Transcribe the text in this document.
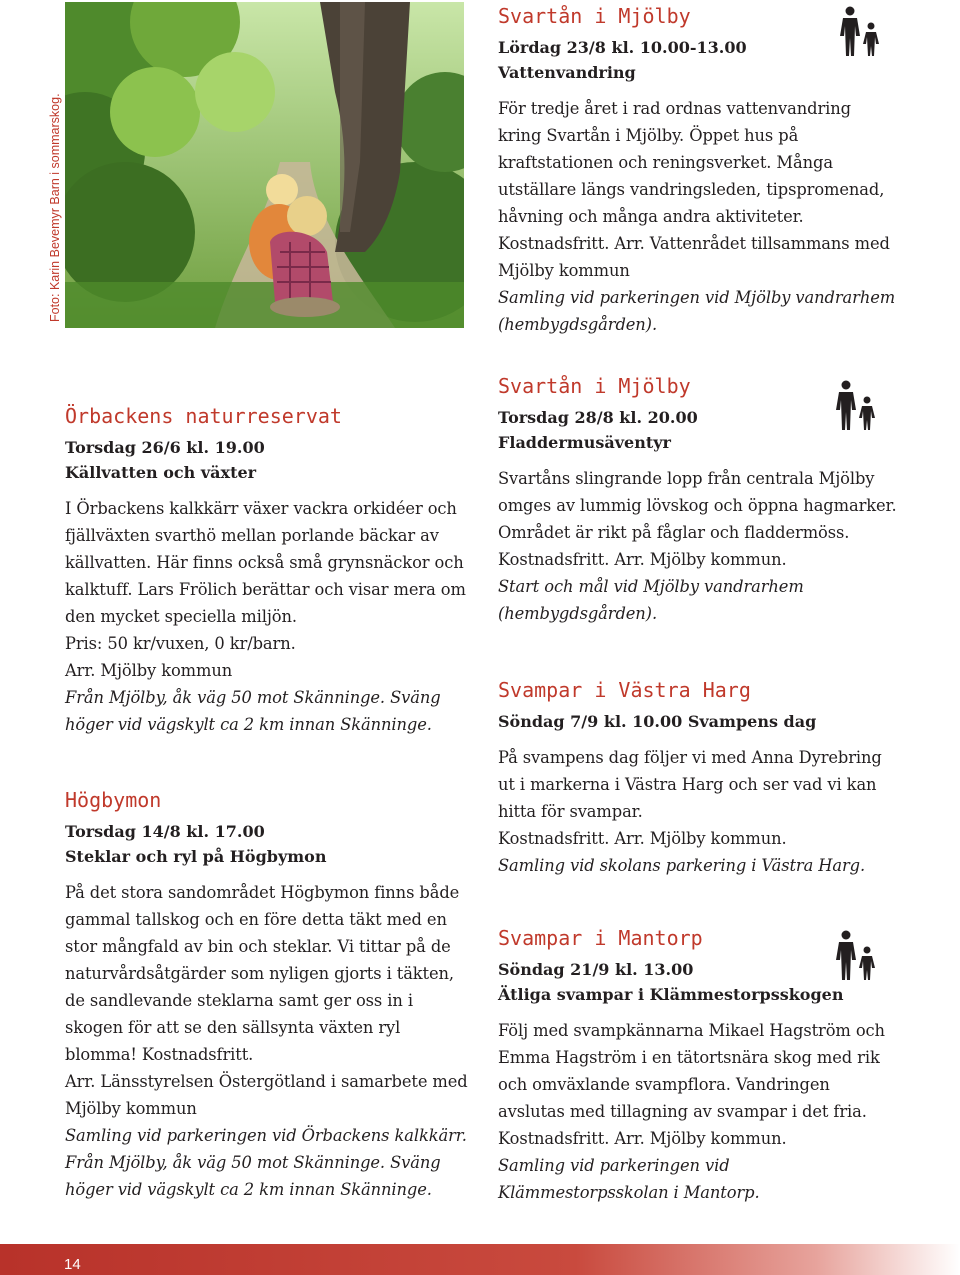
Foto: Karin Bevemyr Barn i sommarskog.
Svartån i Mjölby
Lördag 23/8 kl. 10.00-13.00
Vattenvandring

För tredje året i rad ordnas vattenvandring kring Svartån i Mjölby. Öppet hus på kraftstationen och reningsverket. Många utställare längs vandringsleden, tipspromenad, håvning och många andra aktiviteter. Kostnadsfritt. Arr. Vattenrådet tillsammans med Mjölby kommun

Samling vid parkeringen vid Mjölby vandrarhem (hembygdsgården).

Örbackens naturreservat
Torsdag 26/6 kl. 19.00
Källvatten och växter

I Örbackens kalkkärr växer vackra orkidéer och fjällväxten svarthö mellan porlande bäckar av källvatten. Här finns också små grynsnäckor och kalktuff. Lars Frölich berättar och visar mera om den mycket speciella miljön.

Pris: 50 kr/vuxen, 0 kr/barn.

Arr. Mjölby kommun

Från Mjölby, åk väg 50 mot Skänninge. Sväng höger vid vägskylt ca 2 km innan Skänninge.

Högbymon
Torsdag 14/8 kl. 17.00
Steklar och ryl på Högbymon

På det stora sandområdet Högbymon finns både gammal tallskog och en före detta täkt med en stor mångfald av bin och steklar. Vi tittar på de naturvårdsåtgärder som nyligen gjorts i täkten, de sandlevande steklarna samt ger oss in i skogen för att se den sällsynta växten ryl blomma! Kostnadsfritt.

Arr. Länsstyrelsen Östergötland i samarbete med Mjölby kommun

Samling vid parkeringen vid Örbackens kalkkärr. Från Mjölby, åk väg 50 mot Skänninge. Sväng höger vid vägskylt ca 2 km innan Skänninge.

Svartån i Mjölby
Torsdag 28/8 kl. 20.00
Fladdermusäventyr

Svartåns slingrande lopp från centrala Mjölby omges av lummig lövskog och öppna hagmarker. Området är rikt på fåglar och fladdermöss. Kostnadsfritt. Arr. Mjölby kommun.

Start och mål vid Mjölby vandrarhem (hembygdsgården).

Svampar i Västra Harg
Söndag 7/9 kl. 10.00 Svampens dag

På svampens dag följer vi med Anna Dyrebring ut i markerna i Västra Harg och ser vad vi kan hitta för svampar.

Kostnadsfritt. Arr. Mjölby kommun.

Samling vid skolans parkering i Västra Harg.

Svampar i Mantorp
Söndag 21/9 kl. 13.00
Ätliga svampar i Klämmestorpsskogen

Följ med svampkännarna Mikael Hagström och Emma Hagström i en tätortsnära skog med rik och omväxlande svampflora. Vandringen avslutas med tillagning av svampar i det fria.

Kostnadsfritt. Arr. Mjölby kommun.

Samling vid parkeringen vid Klämmestorpsskolan i Mantorp.

14
